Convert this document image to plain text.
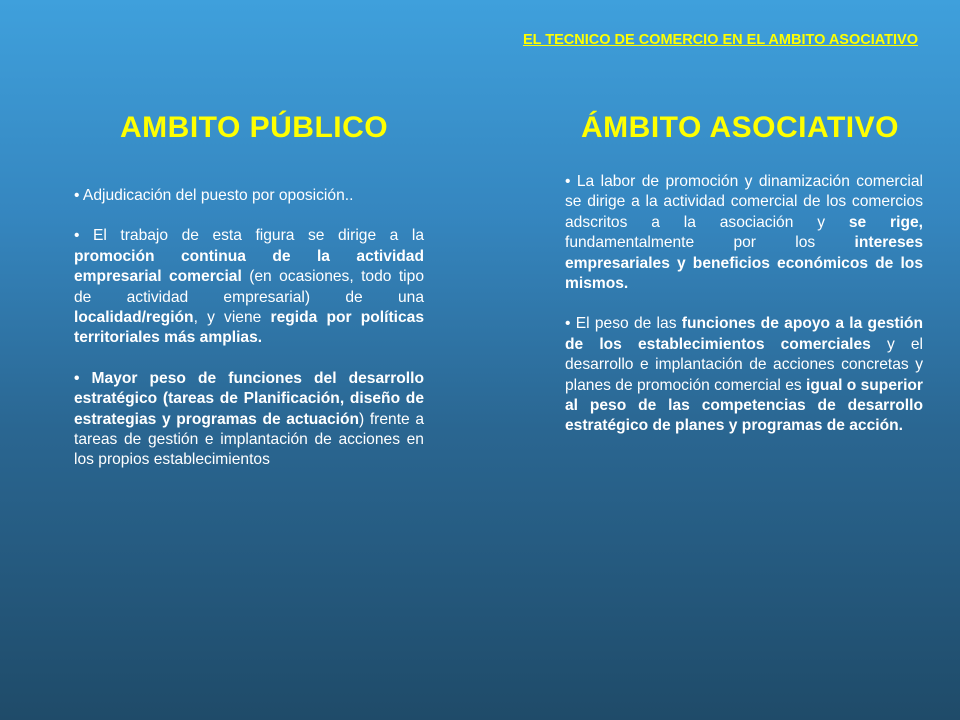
EL TECNICO DE COMERCIO EN EL AMBITO ASOCIATIVO
AMBITO PÚBLICO	ÁMBITO ASOCIATIVO

• Adjudicación del puesto por oposición..

• El trabajo de esta figura se dirige a la promoción continua de la actividad empresarial comercial (en ocasiones, todo tipo de actividad empresarial) de una localidad/región, y viene regida por políticas territoriales más amplias.

• Mayor peso de funciones del desarrollo estratégico (tareas de Planificación, diseño de estrategias y programas de actuación) frente a tareas de gestión e implantación de acciones en los propios establecimientos

• La labor de promoción y dinamización comercial se dirige a la actividad comercial de los comercios adscritos a la asociación y se rige, fundamentalmente por los intereses empresariales y beneficios económicos de los mismos.

• El peso de las funciones de apoyo a la gestión de los establecimientos comerciales y el desarrollo e implantación de acciones concretas y planes de promoción comercial es igual o superior al peso de las competencias de desarrollo estratégico de planes y programas de acción.
